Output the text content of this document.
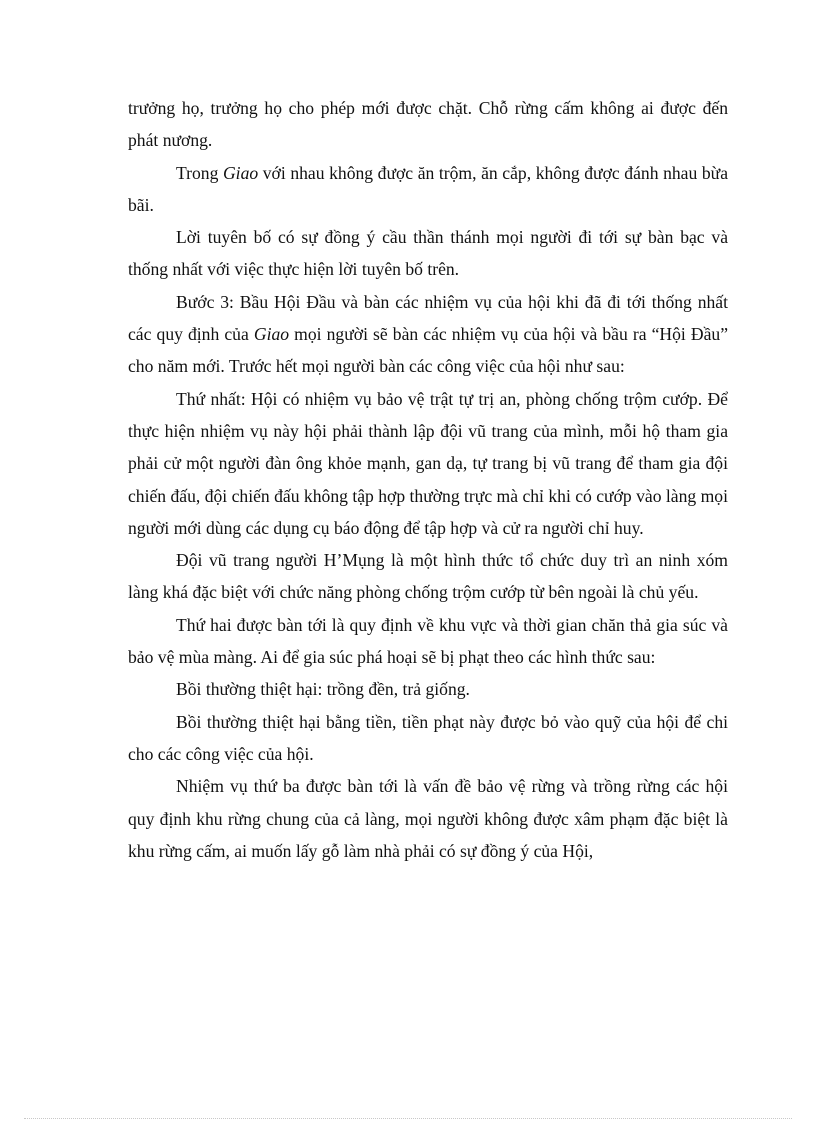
trưởng họ, trưởng họ cho phép mới được chặt. Chỗ rừng cấm không ai được đến phát nương.

Trong Giao với nhau không được ăn trộm, ăn cắp, không được đánh nhau bừa bãi.

Lời tuyên bố có sự đồng ý cầu thần thánh mọi người đi tới sự bàn bạc và thống nhất với việc thực hiện lời tuyên bố trên.

Bước 3: Bầu Hội Đầu và bàn các nhiệm vụ của hội khi đã đi tới thống nhất các quy định của Giao mọi người sẽ bàn các nhiệm vụ của hội và bầu ra “Hội Đầu” cho năm mới. Trước hết mọi người bàn các công việc của hội như sau:

Thứ nhất: Hội có nhiệm vụ bảo vệ trật tự trị an, phòng chống trộm cướp. Để thực hiện nhiệm vụ này hội phải thành lập đội vũ trang của mình, mỗi hộ tham gia phải cử một người đàn ông khỏe mạnh, gan dạ, tự trang bị vũ trang để tham gia đội chiến đấu, đội chiến đấu không tập hợp thường trực mà chỉ khi có cướp vào làng mọi người mới dùng các dụng cụ báo động để tập hợp và cử ra người chỉ huy.

Đội vũ trang người H’Mụng là một hình thức tổ chức duy trì an ninh xóm làng khá đặc biệt với chức năng phòng chống trộm cướp từ bên ngoài là chủ yếu.

Thứ hai được bàn tới là quy định về khu vực và thời gian chăn thả gia súc và bảo vệ mùa màng. Ai để gia súc phá hoại sẽ bị phạt theo các hình thức sau:

Bồi thường thiệt hại: trồng đền, trả giống.

Bồi thường thiệt hại bằng tiền, tiền phạt này được bỏ vào quỹ của hội để chi cho các công việc của hội.

Nhiệm vụ thứ ba được bàn tới là vấn đề bảo vệ rừng và trồng rừng các hội quy định khu rừng chung của cả làng, mọi người không được xâm phạm đặc biệt là khu rừng cấm, ai muốn lấy gỗ làm nhà phải có sự đồng ý của Hội,
